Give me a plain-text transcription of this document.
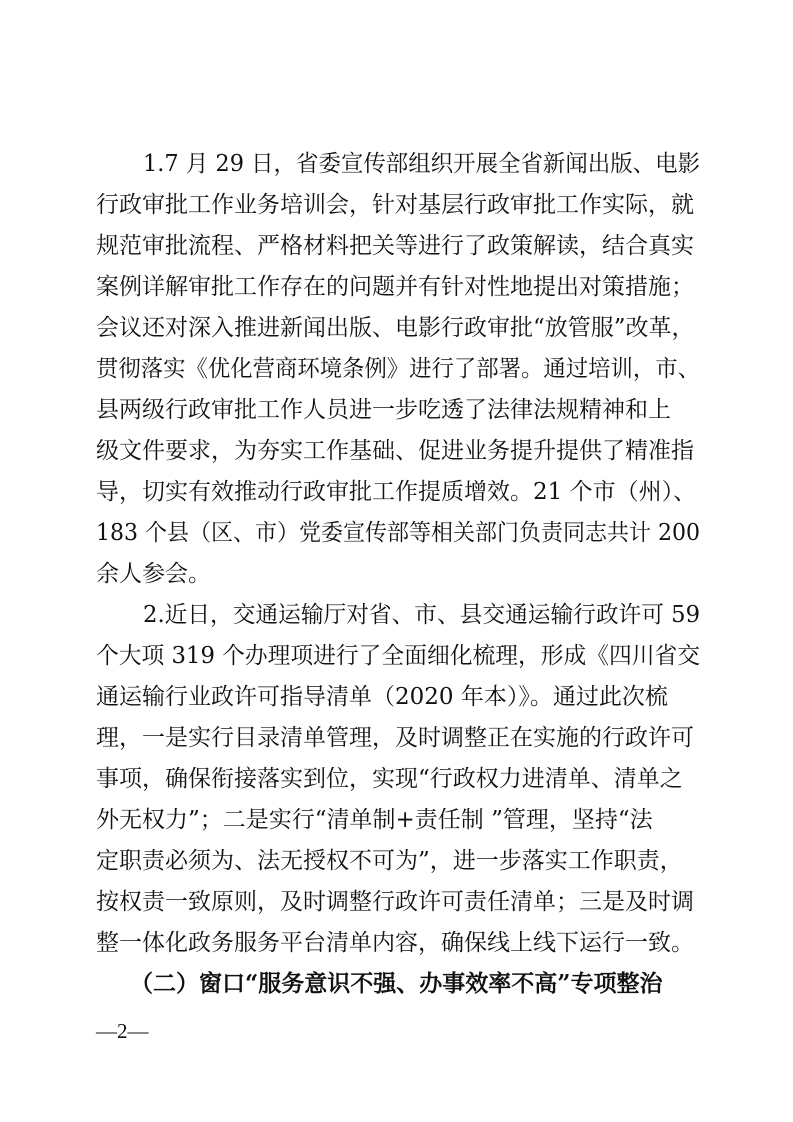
1.7 月 29 日，省委宣传部组织开展全省新闻出版、电影
行政审批工作业务培训会，针对基层行政审批工作实际，就
规范审批流程、严格材料把关等进行了政策解读，结合真实
案例详解审批工作存在的问题并有针对性地提出对策措施；
会议还对深入推进新闻出版、电影行政审批“放管服”改革，
贯彻落实《优化营商环境条例》进行了部署。通过培训，市、
县两级行政审批工作人员进一步吃透了法律法规精神和上
级文件要求，为夯实工作基础、促进业务提升提供了精准指
导，切实有效推动行政审批工作提质增效。21 个市（州）、
183 个县（区、市）党委宣传部等相关部门负责同志共计 200
余人参会。
2.近日，交通运输厅对省、市、县交通运输行政许可 59
个大项 319 个办理项进行了全面细化梳理，形成《四川省交
通运输行业政许可指导清单（2020 年本）》。通过此次梳
理，一是实行目录清单管理，及时调整正在实施的行政许可
事项，确保衔接落实到位，实现“行政权力进清单、清单之
外无权力”；二是实行“清单制+责任制 ”管理，坚持“法
定职责必须为、法无授权不可为”，进一步落实工作职责，
按权责一致原则，及时调整行政许可责任清单；三是及时调
整一体化政务服务平台清单内容，确保线上线下运行一致。
（二）窗口“服务意识不强、办事效率不高”专项整治
—2—
